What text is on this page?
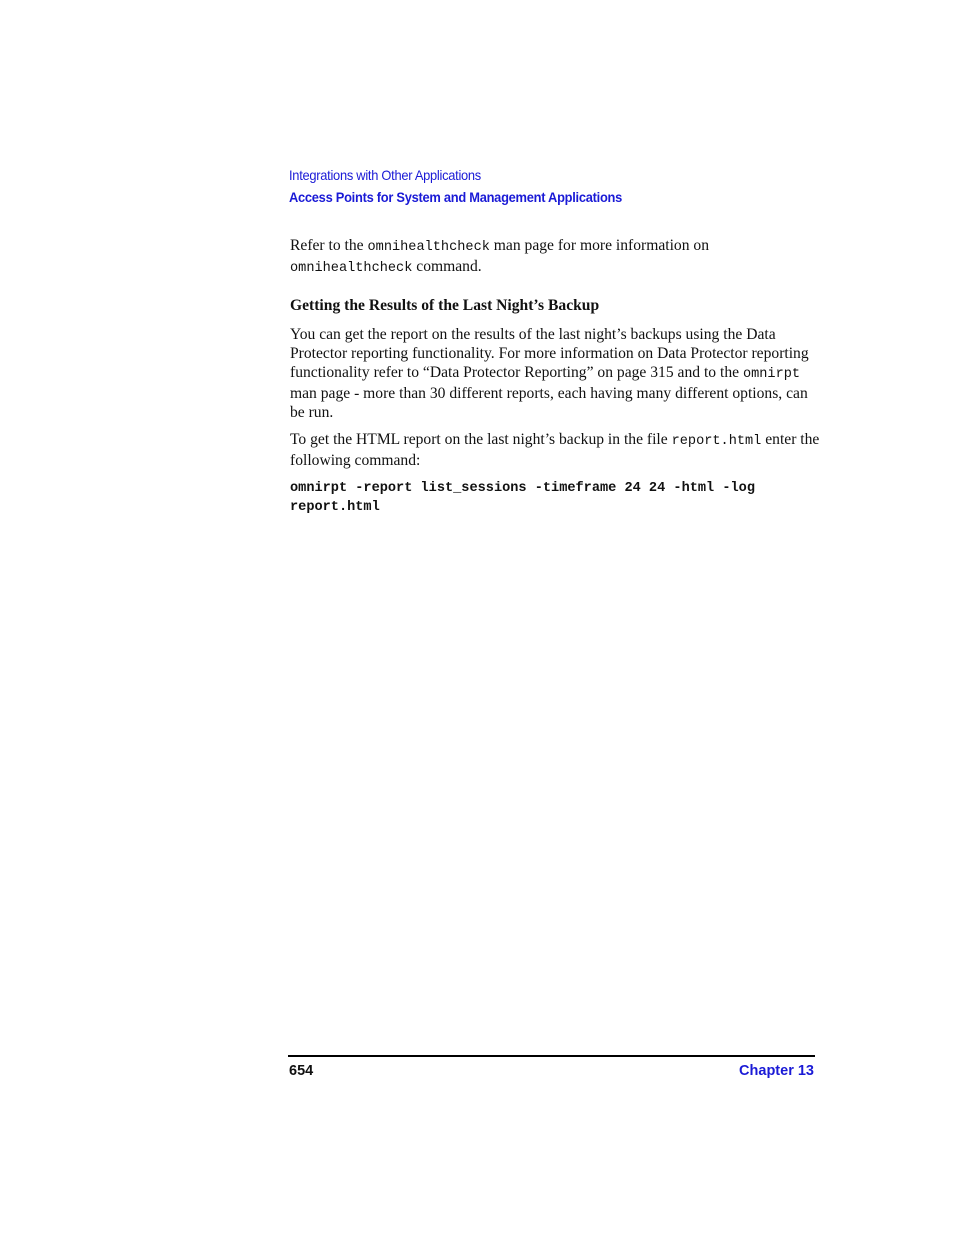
Integrations with Other Applications
Access Points for System and Management Applications

Refer to the omnihealthcheck man page for more information on omnihealthcheck command.

Getting the Results of the Last Night’s Backup

You can get the report on the results of the last night’s backups using the Data Protector reporting functionality. For more information on Data Protector reporting functionality refer to “Data Protector Reporting” on page 315 and to the omnirpt man page - more than 30 different reports, each having many different options, can be run.

To get the HTML report on the last night’s backup in the file report.html enter the following command:

omnirpt -report list_sessions -timeframe 24 24 -html -log
report.html
654	Chapter 13
